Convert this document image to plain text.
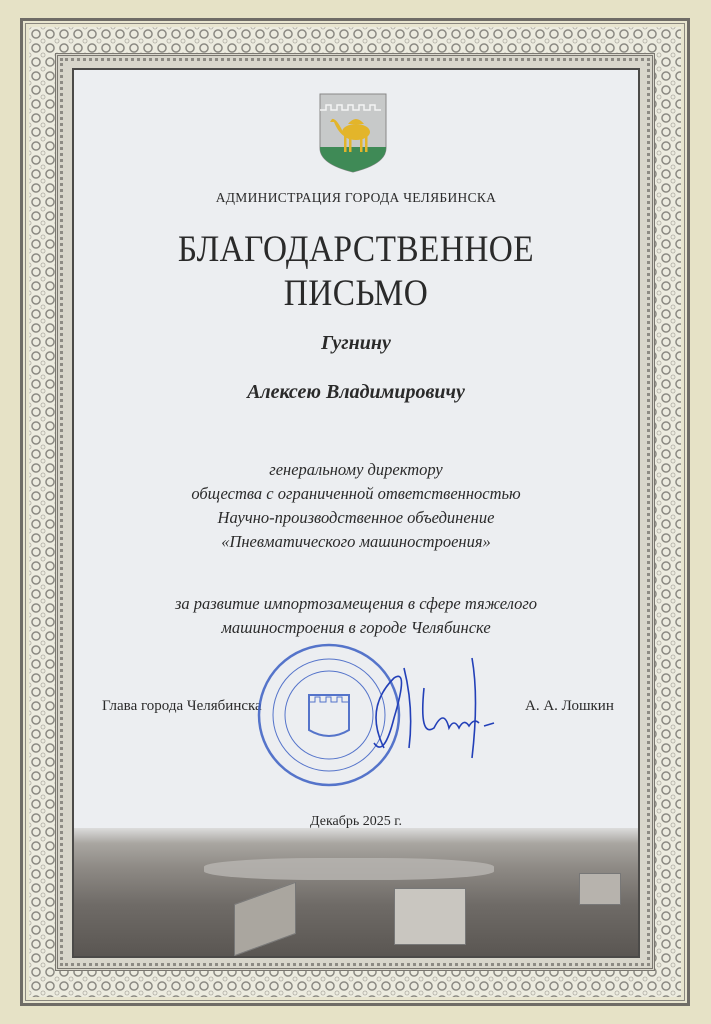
АДМИНИСТРАЦИЯ ГОРОДА ЧЕЛЯБИНСКА
БЛАГОДАРСТВЕННОЕ
ПИСЬМО
Гугнину
Алексею Владимировичу
генеральному директору
общества с ограниченной ответственностью
Научно-производственное объединение
«Пневматического машиностроения»
за развитие импортозамещения в сфере тяжелого
машиностроения в городе Челябинске
Глава города Челябинска	А. А. Лошкин
Декабрь 2025 г.
